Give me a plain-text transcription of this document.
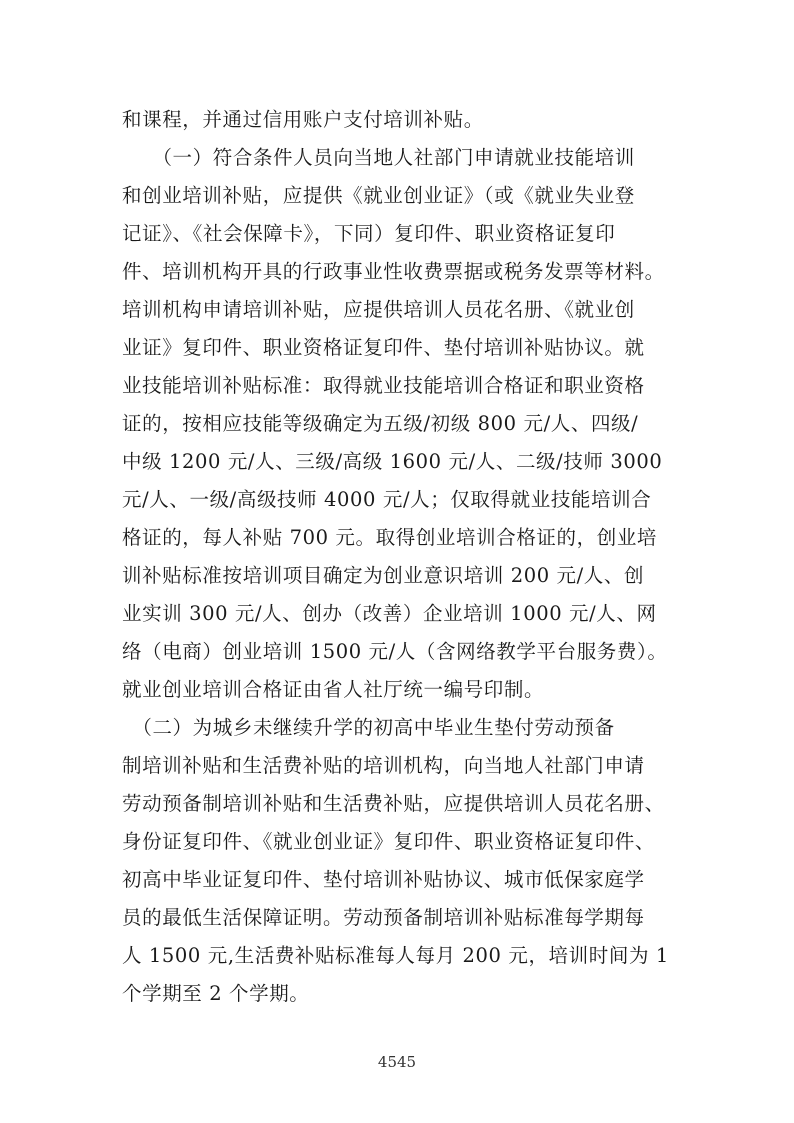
和课程，并通过信用账户支付培训补贴。
　　（一）符合条件人员向当地人社部门申请就业技能培训
和创业培训补贴，应提供《就业创业证》（或《就业失业登
记证》、《社会保障卡》，下同）复印件、职业资格证复印
件、培训机构开具的行政事业性收费票据或税务发票等材料。
培训机构申请培训补贴，应提供培训人员花名册、《就业创
业证》复印件、职业资格证复印件、垫付培训补贴协议。就
业技能培训补贴标准：取得就业技能培训合格证和职业资格
证的，按相应技能等级确定为五级/初级 800 元/人、四级/
中级 1200 元/人、三级/高级 1600 元/人、二级/技师 3000
元/人、一级/高级技师 4000 元/人；仅取得就业技能培训合
格证的，每人补贴 700 元。取得创业培训合格证的，创业培
训补贴标准按培训项目确定为创业意识培训 200 元/人、创
业实训 300 元/人、创办（改善）企业培训 1000 元/人、网
络（电商）创业培训 1500 元/人（含网络教学平台服务费）。
就业创业培训合格证由省人社厅统一编号印制。
　（二）为城乡未继续升学的初高中毕业生垫付劳动预备
制培训补贴和生活费补贴的培训机构，向当地人社部门申请
劳动预备制培训补贴和生活费补贴，应提供培训人员花名册、
身份证复印件、《就业创业证》复印件、职业资格证复印件、
初高中毕业证复印件、垫付培训补贴协议、城市低保家庭学
员的最低生活保障证明。劳动预备制培训补贴标准每学期每
人 1500 元,生活费补贴标准每人每月 200 元，培训时间为 1
个学期至 2 个学期。
4545
